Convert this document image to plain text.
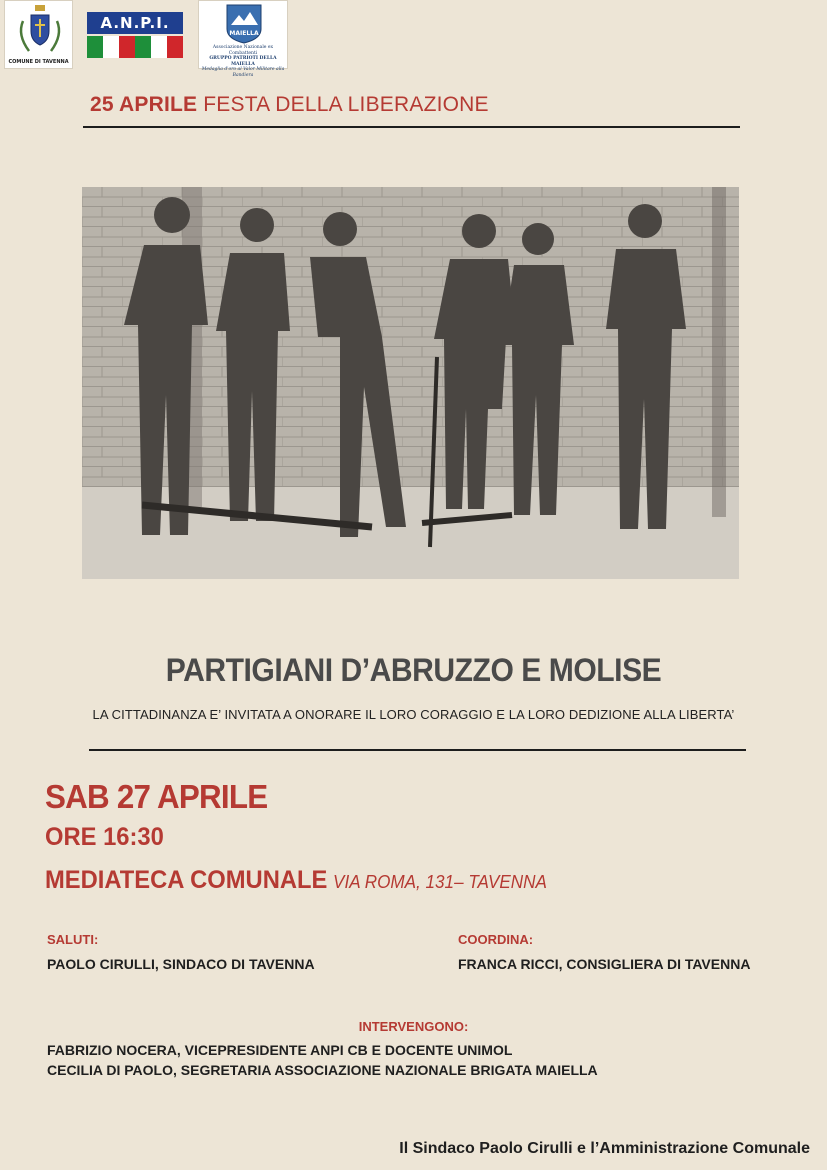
COMUNE DI TAVENNA
A.N.P.I.
MAIELLA
Associazione Nazionale ex Combattenti
GRUPPO PATRIOTI DELLA MAIELLA
Medaglia d'oro al Valor Militare alla Bandiera
25 APRILE FESTA DELLA LIBERAZIONE
PARTIGIANI D’ABRUZZO E MOLISE
LA CITTADINANZA E’ INVITATA A ONORARE IL LORO CORAGGIO E LA LORO DEDIZIONE ALLA LIBERTA’
SAB 27 APRILE
ORE 16:30
MEDIATECA COMUNALE VIA ROMA, 131– TAVENNA
SALUTI:
PAOLO CIRULLI, SINDACO DI TAVENNA
COORDINA:
FRANCA RICCI, CONSIGLIERA DI TAVENNA
INTERVENGONO:
FABRIZIO NOCERA, VICEPRESIDENTE ANPI CB E DOCENTE UNIMOL
CECILIA DI PAOLO, SEGRETARIA ASSOCIAZIONE NAZIONALE BRIGATA MAIELLA
Il Sindaco Paolo Cirulli e l’Amministrazione Comunale
